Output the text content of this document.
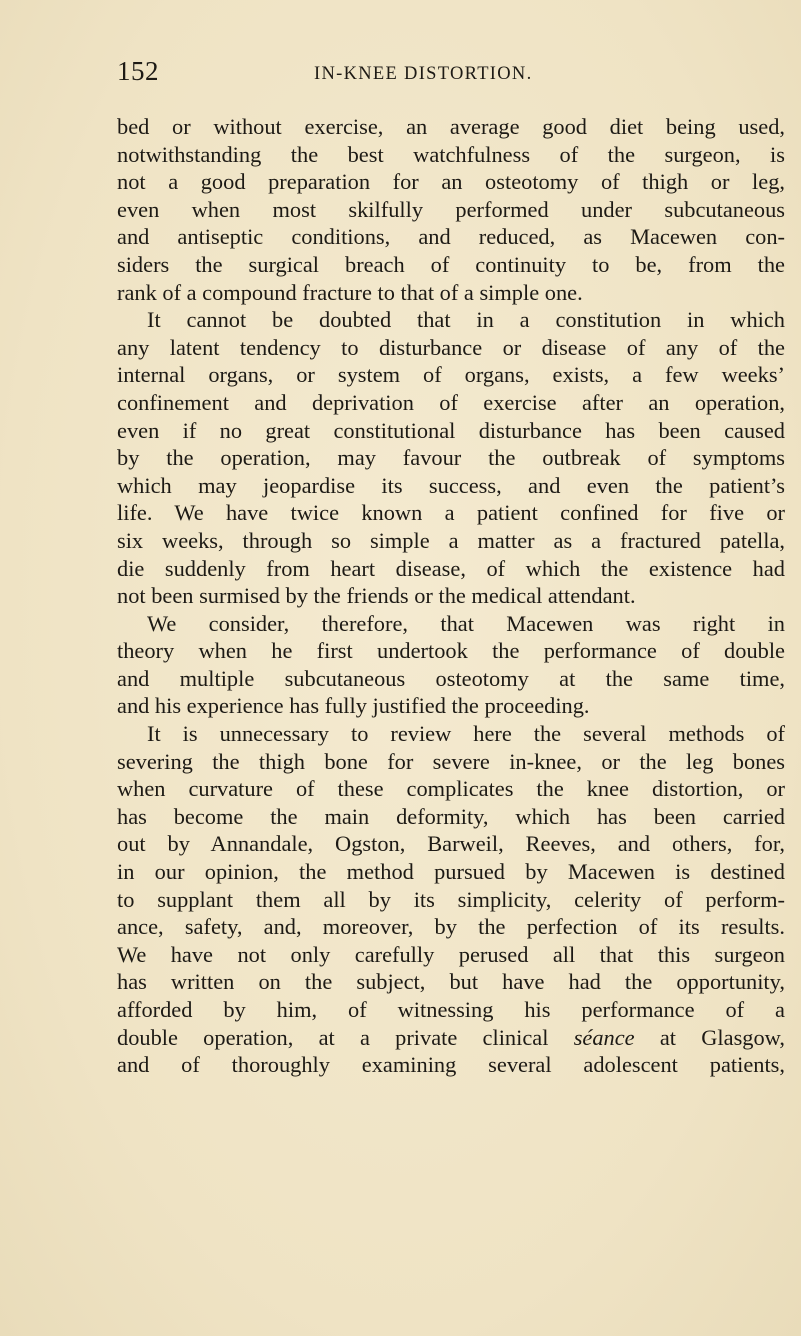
152	IN-KNEE DISTORTION.
bed or without exercise, an average good diet being used,
notwithstanding the best watchfulness of the surgeon, is
not a good preparation for an osteotomy of thigh or leg,
even when most skilfully performed under subcutaneous
and antiseptic conditions, and reduced, as Macewen con-
siders the surgical breach of continuity to be, from the
rank of a compound fracture to that of a simple one.
It cannot be doubted that in a constitution in which
any latent tendency to disturbance or disease of any of the
internal organs, or system of organs, exists, a few weeks’
confinement and deprivation of exercise after an operation,
even if no great constitutional disturbance has been caused
by the operation, may favour the outbreak of symptoms
which may jeopardise its success, and even the patient’s
life. We have twice known a patient confined for five or
six weeks, through so simple a matter as a fractured patella,
die suddenly from heart disease, of which the existence had
not been surmised by the friends or the medical attendant.
We consider, therefore, that Macewen was right in
theory when he first undertook the performance of double
and multiple subcutaneous osteotomy at the same time,
and his experience has fully justified the proceeding.
It is unnecessary to review here the several methods of
severing the thigh bone for severe in-knee, or the leg bones
when curvature of these complicates the knee distortion, or
has become the main deformity, which has been carried
out by Annandale, Ogston, Barweil, Reeves, and others, for,
in our opinion, the method pursued by Macewen is destined
to supplant them all by its simplicity, celerity of perform-
ance, safety, and, moreover, by the perfection of its results.
We have not only carefully perused all that this surgeon
has written on the subject, but have had the opportunity,
afforded by him, of witnessing his performance of a
double operation, at a private clinical séance at Glasgow,
and of thoroughly examining several adolescent patients,
